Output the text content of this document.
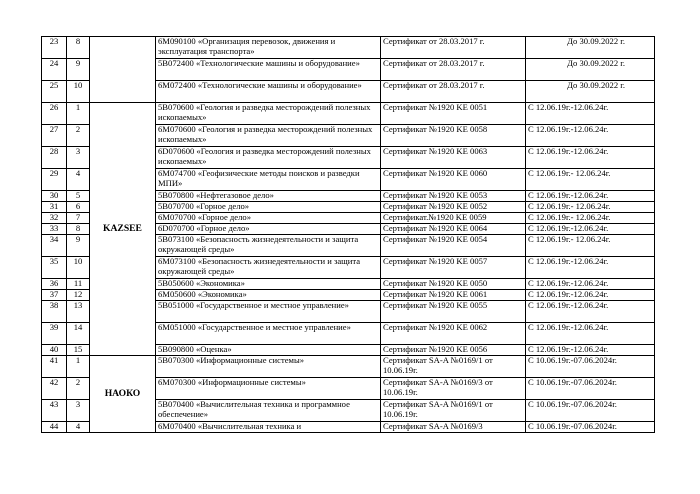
23	8		6М090100 «Организация перевозок, движения и эксплуатация транспорта»	Сертификат от 28.03.2017 г.	До 30.09.2022 г.
24	9		5В072400 «Технологические машины и оборудование»	Сертификат от 28.03.2017 г.	До 30.09.2022 г.
25	10		6М072400 «Технологические машины и оборудование»	Сертификат от 28.03.2017 г.	До 30.09.2022 г.
26	1	KAZSEE	5В070600 «Геология и разведка месторождений полезных ископаемых»	Сертификат №1920 KE 0051	С 12.06.19г.-12.06.24г.
27	2		6М070600 «Геология и разведка месторождений полезных ископаемых»	Сертификат №1920 KE 0058	С 12.06.19г.-12.06.24г.
28	3		6D070600 «Геология и разведка месторождений полезных ископаемых»	Сертификат №1920 KE 0063	С 12.06.19г.-12.06.24г.
29	4		6М074700 «Геофизические методы поисков и разведки МПИ»	Сертификат №1920 KE 0060	С 12.06.19г.- 12.06.24г.
30	5		5В070800 «Нефтегазовое дело»	Сертификат №1920 KE 0053	С 12.06.19г.-12.06.24г.
31	6		5В070700 «Горное дело»	Сертификат №1920 KE 0052	С 12.06.19г.- 12.06.24г.
32	7		6М070700 «Горное дело»	Сертификат.№1920 KE 0059	С 12.06.19г.- 12.06.24г.
33	8		6D070700 «Горное дело»	Сертификат №1920 KE 0064	С 12.06.19г.-12.06.24г.
34	9		5В073100 «Безопасность жизнедеятельности и защита окружающей среды»	Сертификат №1920 KE 0054	С 12.06.19г.- 12.06.24г.
35	10		6М073100 «Безопасность жизнедеятельности и защита окружающей среды»	Сертификат №1920 KE 0057	С 12.06.19г.-12.06.24г.
36	11		5В050600 «Экономика»	Сертификат №1920 KE 0050	С 12.06.19г.-12.06.24г.
37	12		6М050600 «Экономика»	Сертификат №1920 KE 0061	С 12.06.19г.-12.06.24г.
38	13		5В051000 «Государственное и местное управление»	Сертификат №1920 KE 0055	С 12.06.19г.-12.06.24г.
39	14		6М051000 «Государственное и местное управление»	Сертификат №1920 KE 0062	С 12.06.19г.-12.06.24г.
40	15		5В090800 «Оценка»	Сертификат №1920 KE 0056	С 12.06.19г.-12.06.24г.
41	1	НАОКО	5В070300 «Информационные системы»	Сертификат SA-A №0169/1 от 10.06.19г.	С 10.06.19г.-07.06.2024г.
42	2		6М070300 «Информационные системы»	Сертификат SA-A №0169/3 от 10.06.19г.	С 10.06.19г.-07.06.2024г.
43	3		5В070400 «Вычислительная техника и программное обеспечение»	Сертификат SA-A №0169/1 от 10.06.19г.	С 10.06.19г.-07.06.2024г.
44	4		6М070400 «Вычислительная техника и	Сертификат SA-A №0169/3	С 10.06.19г.-07.06.2024г.
